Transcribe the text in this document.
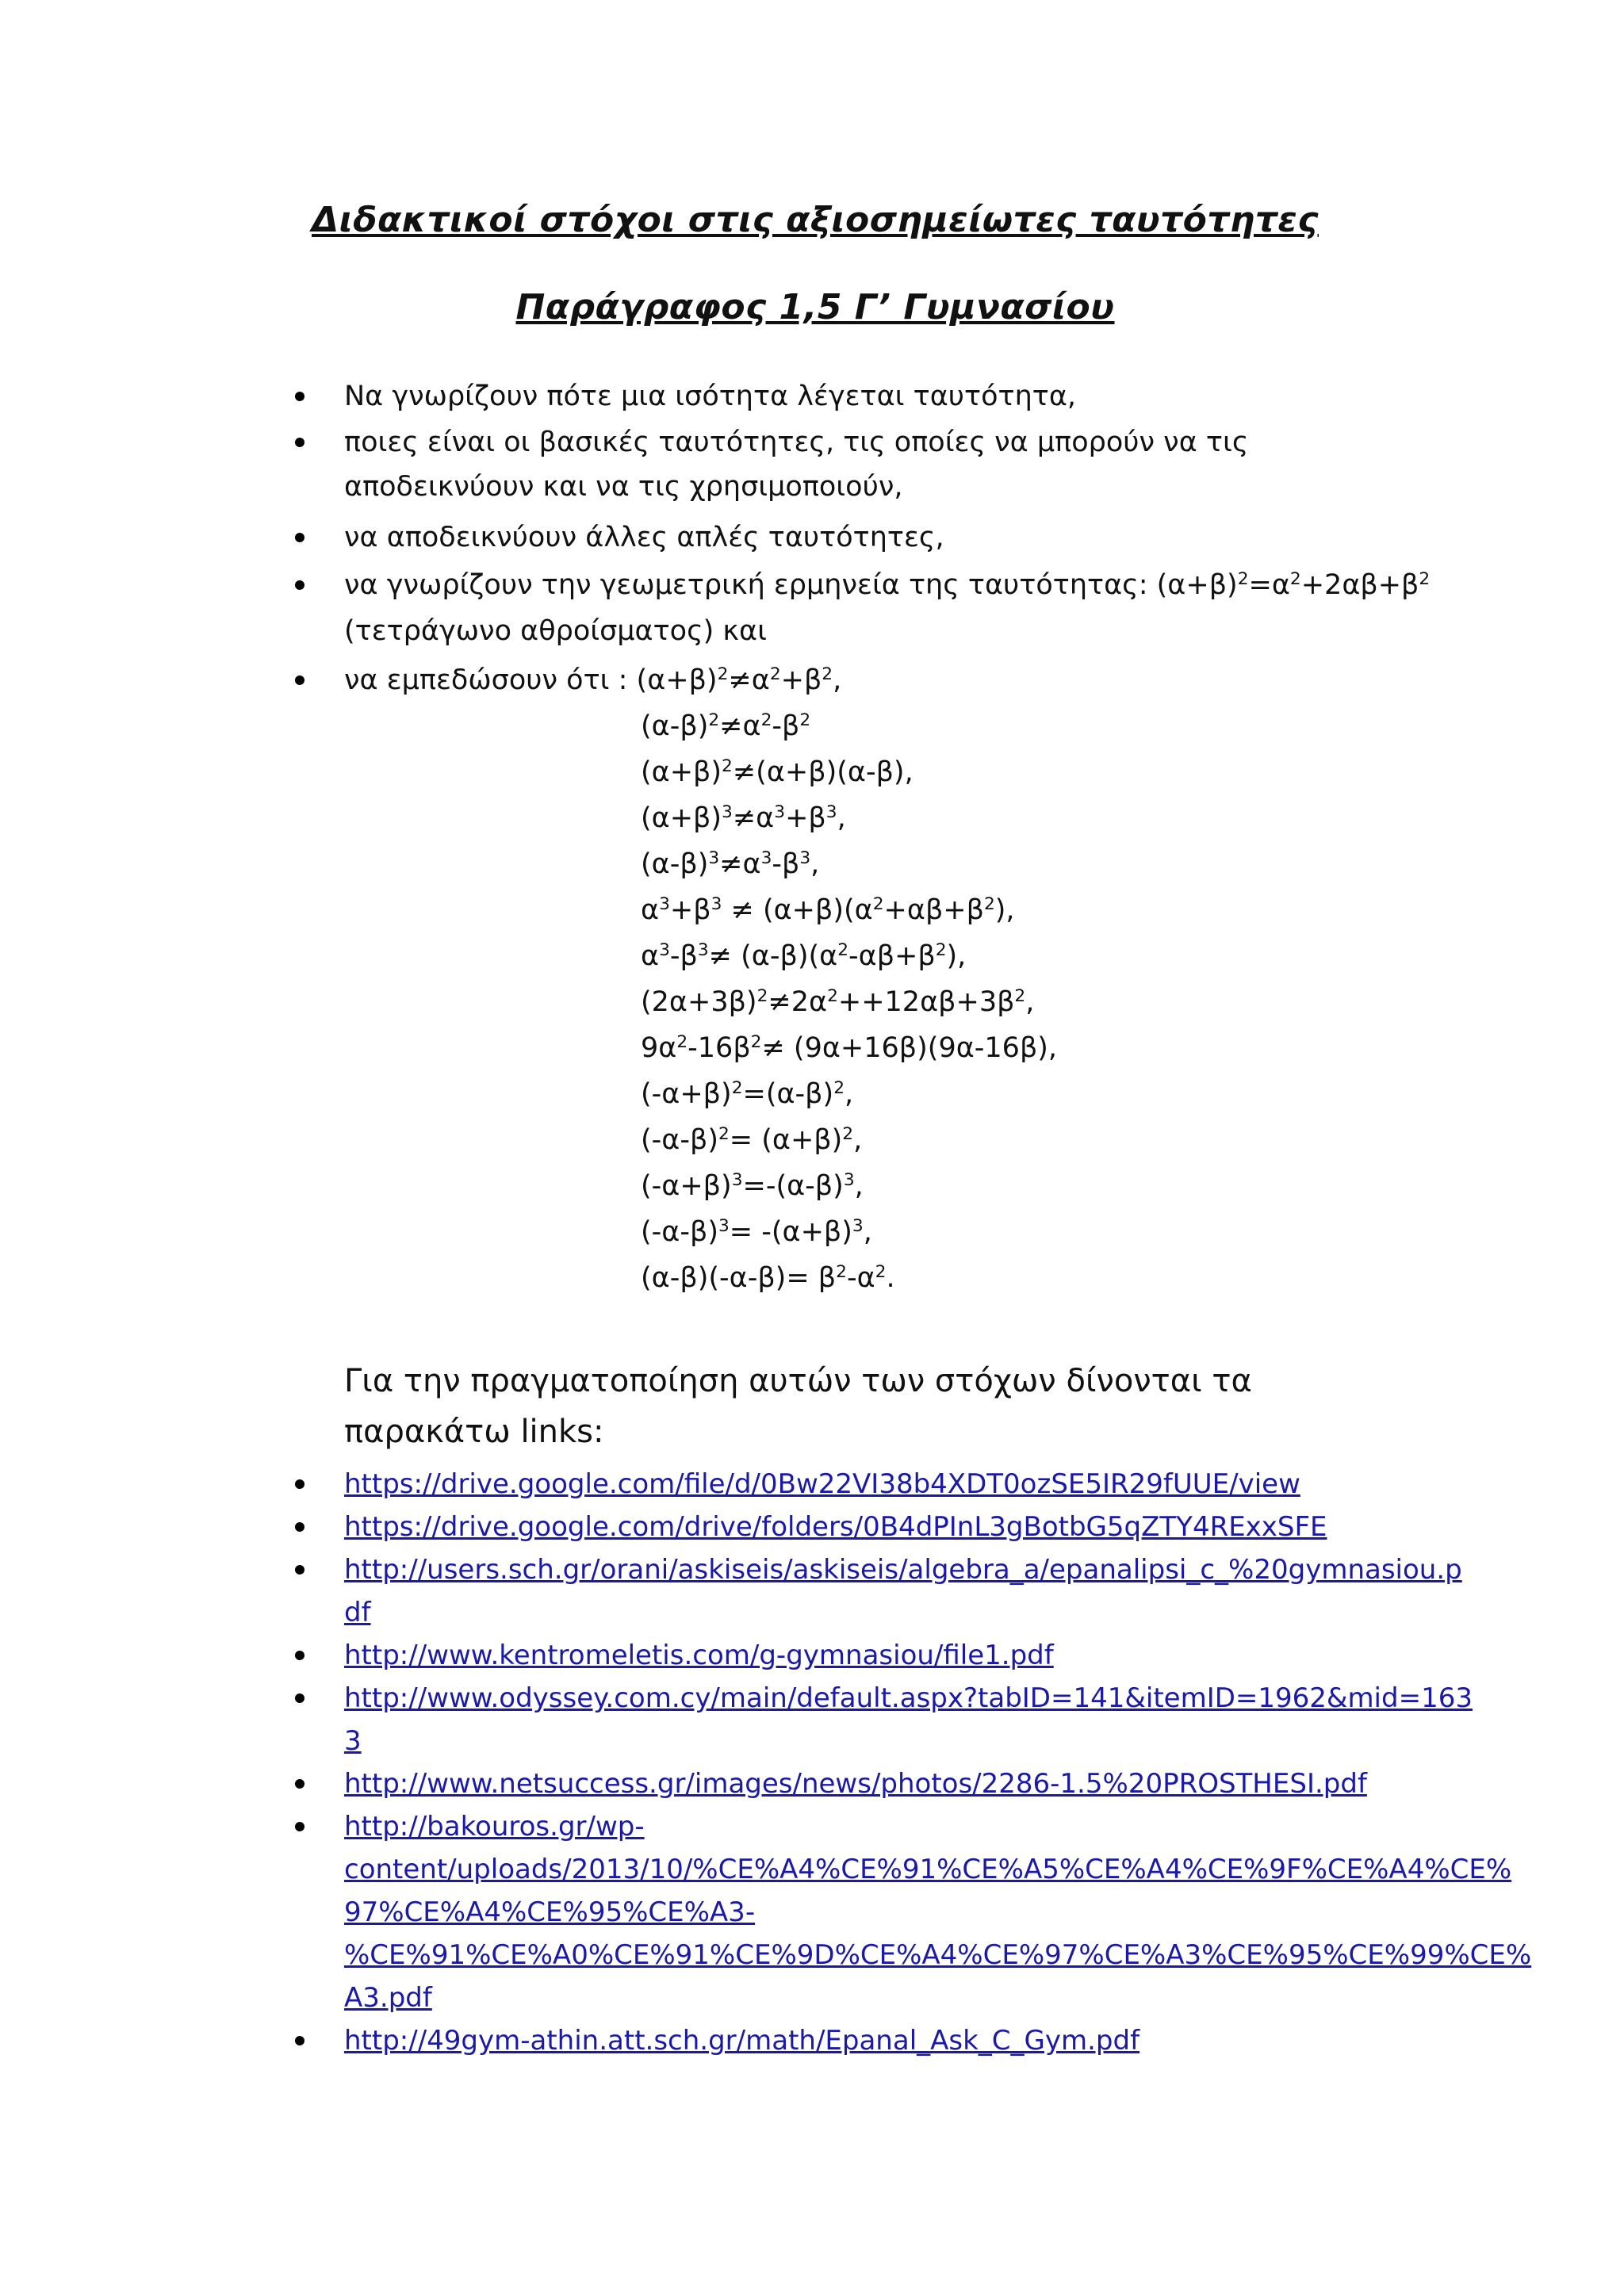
Διδακτικοί στόχοι στις αξιοσημείωτες ταυτότητες
Παράγραφος 1,5 Γ’ Γυμνασίου
Να γνωρίζουν πότε μια ισότητα λέγεται ταυτότητα,
ποιες είναι οι βασικές ταυτότητες, τις οποίες να μπορούν να τις
αποδεικνύουν και να τις χρησιμοποιούν,
να αποδεικνύουν άλλες απλές ταυτότητες,
να γνωρίζουν την γεωμετρική ερμηνεία της ταυτότητας: $(\alpha+\beta)^2=\alpha^2+2\alpha\beta+\beta^2$
(τετράγωνο αθροίσματος) και
να εμπεδώσουν ότι : $(\alpha+\beta)^2\ne\alpha^2+\beta^2$,
$(\alpha-\beta)^2\ne\alpha^2-\beta^2$
$(\alpha+\beta)^2\ne(\alpha+\beta)(\alpha-\beta)$,
$(\alpha+\beta)^3\ne\alpha^3+\beta^3$,
$(\alpha-\beta)^3\ne\alpha^3-\beta^3$,
$\alpha^3+\beta^3 \ne (\alpha+\beta)(\alpha^2+\alpha\beta+\beta^2)$,
$\alpha^3-\beta^3\ne (\alpha-\beta)(\alpha^2-\alpha\beta+\beta^2)$,
$(2\alpha+3\beta)^2\ne 2\alpha^2++12\alpha\beta+3\beta^2$,
$9\alpha^2-16\beta^2\ne (9\alpha+16\beta)(9\alpha-16\beta)$,
$(-\alpha+\beta)^2=(\alpha-\beta)^2$,
$(-\alpha-\beta)^2= (\alpha+\beta)^2$,
$(-\alpha+\beta)^3=-(\alpha-\beta)^3$,
$(-\alpha-\beta)^3= -(\alpha+\beta)^3$,
$(\alpha-\beta)(-\alpha-\beta)= \beta^2-\alpha^2$.
Για την πραγματοποίηση αυτών των στόχων δίνονται τα
παρακάτω links:
https://drive.google.com/file/d/0Bw22VI38b4XDT0ozSE5IR29fUUE/view
https://drive.google.com/drive/folders/0B4dPInL3gBotbG5qZTY4RExxSFE
http://users.sch.gr/orani/askiseis/askiseis/algebra_a/epanalipsi_c_%20gymnasiou.p
df
http://www.kentromeletis.com/g-gymnasiou/file1.pdf
http://www.odyssey.com.cy/main/default.aspx?tabID=141&itemID=1962&mid=163
3
http://www.netsuccess.gr/images/news/photos/2286-1.5%20PROSTHESI.pdf
http://bakouros.gr/wp-
content/uploads/2013/10/%CE%A4%CE%91%CE%A5%CE%A4%CE%9F%CE%A4%CE%
97%CE%A4%CE%95%CE%A3-
%CE%91%CE%A0%CE%91%CE%9D%CE%A4%CE%97%CE%A3%CE%95%CE%99%CE%
A3.pdf
http://49gym-athin.att.sch.gr/math/Epanal_Ask_C_Gym.pdf
